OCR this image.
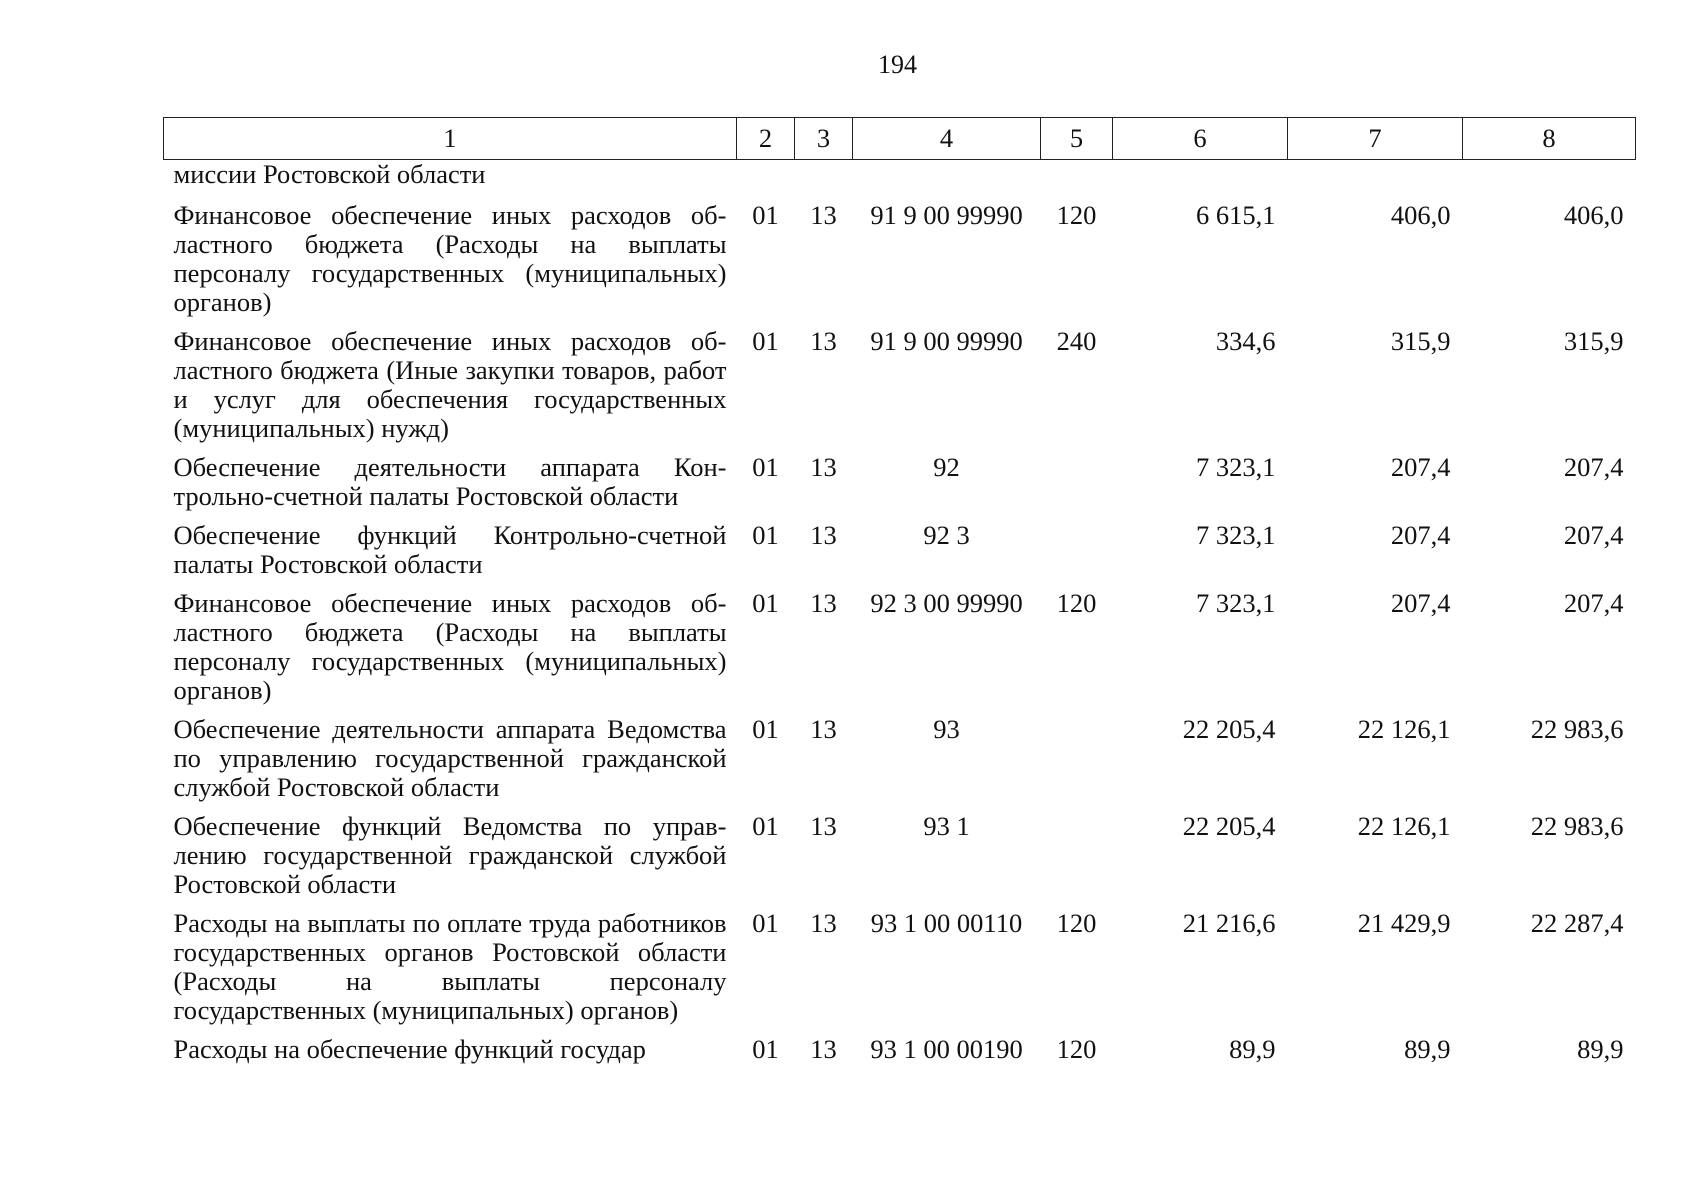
194
1	2	3	4	5	6	7	8
миссии Ростовской области							
Финансовое обеспечение иных расходов областного бюджета (Расходы на выплаты персоналу государственных (муниципальных) органов)	01	13	91 9 00 99990	120	6 615,1	406,0	406,0
Финансовое обеспечение иных расходов областного бюджета (Иные закупки товаров, работ и услуг для обеспечения государственных (муниципальных) нужд)	01	13	91 9 00 99990	240	334,6	315,9	315,9
Обеспечение деятельности аппарата Контрольно-счетной палаты Ростовской области	01	13	92		7 323,1	207,4	207,4
Обеспечение функций Контрольно-счетной палаты Ростовской области	01	13	92 3		7 323,1	207,4	207,4
Финансовое обеспечение иных расходов областного бюджета (Расходы на выплаты персоналу государственных (муниципальных) органов)	01	13	92 3 00 99990	120	7 323,1	207,4	207,4
Обеспечение деятельности аппарата Ведомства по управлению государственной гражданской службой Ростовской области	01	13	93		22 205,4	22 126,1	22 983,6
Обеспечение функций Ведомства по управлению государственной гражданской службой Ростовской области	01	13	93 1		22 205,4	22 126,1	22 983,6
Расходы на выплаты по оплате труда работников государственных органов Ростовской области (Расходы на выплаты персоналу государственных (муниципальных) органов)	01	13	93 1 00 00110	120	21 216,6	21 429,9	22 287,4
Расходы на обеспечение функций государ	01	13	93 1 00 00190	120	89,9	89,9	89,9
